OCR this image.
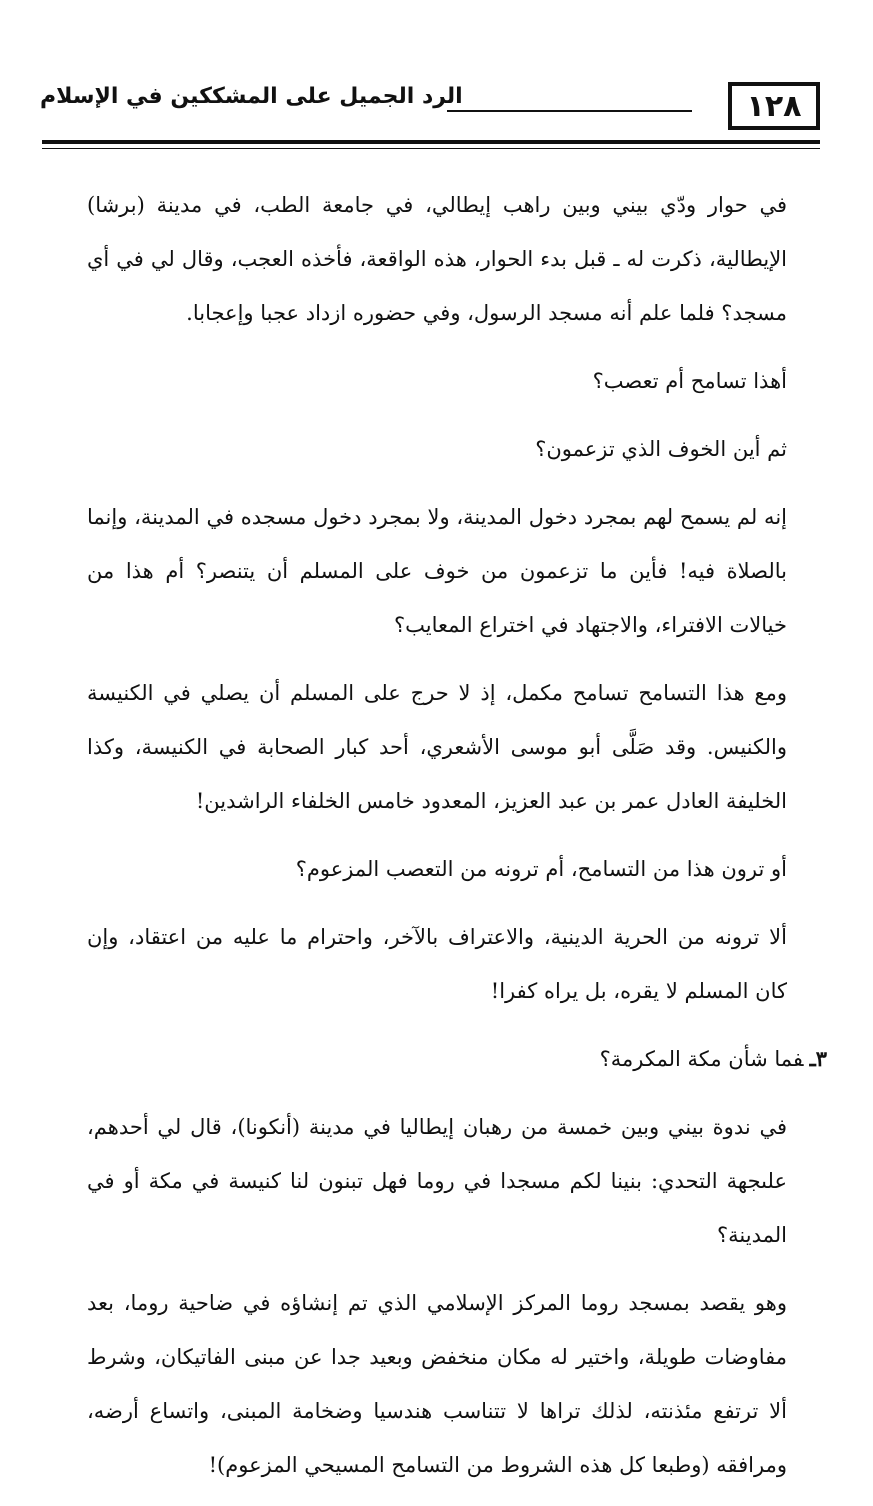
١٢٨
الرد الجميل على المشككين في الإسلام

في حوار ودّي بيني وبين راهب إيطالي، في جامعة الطب، في مدينة (برشا) الإيطالية، ذكرت له ـ قبل بدء الحوار، هذه الواقعة، فأخذه العجب، وقال لي في أي مسجد؟ فلما علم أنه مسجد الرسول، وفي حضوره ازداد عجبا وإعجابا.

أهذا تسامح أم تعصب؟

ثم أين الخوف الذي تزعمون؟

إنه لم يسمح لهم بمجرد دخول المدينة، ولا بمجرد دخول مسجده في المدينة، وإنما بالصلاة فيه! فأين ما تزعمون من خوف على المسلم أن يتنصر؟ أم هذا من خيالات الافتراء، والاجتهاد في اختراع المعايب؟

ومع هذا التسامح تسامح مكمل، إذ لا حرج على المسلم أن يصلي في الكنيسة والكنيس. وقد صَلَّى أبو موسى الأشعري، أحد كبار الصحابة في الكنيسة، وكذا الخليفة العادل عمر بن عبد العزيز، المعدود خامس الخلفاء الراشدين!

أو ترون هذا من التسامح، أم ترونه من التعصب المزعوم؟

ألا ترونه من الحرية الدينية، والاعتراف بالآخر، واحترام ما عليه من اعتقاد، وإن كان المسلم لا يقره، بل يراه كفرا!

٣ـفما شأن مكة المكرمة؟

في ندوة بيني وبين خمسة من رهبان إيطاليا في مدينة (أنكونا)، قال لي أحدهم، علىجهة التحدي: بنينا لكم مسجدا في روما فهل تبنون لنا كنيسة في مكة أو في المدينة؟

وهو يقصد بمسجد روما المركز الإسلامي الذي تم إنشاؤه في ضاحية روما، بعد مفاوضات طويلة، واختير له مكان منخفض وبعيد جدا عن مبنى الفاتيكان، وشرط ألا ترتفع مئذنته، لذلك تراها لا تتناسب هندسيا وضخامة المبنى، واتساع أرضه، ومرافقه (وطبعا كل هذه الشروط من التسامح المسيحي المزعوم)!
